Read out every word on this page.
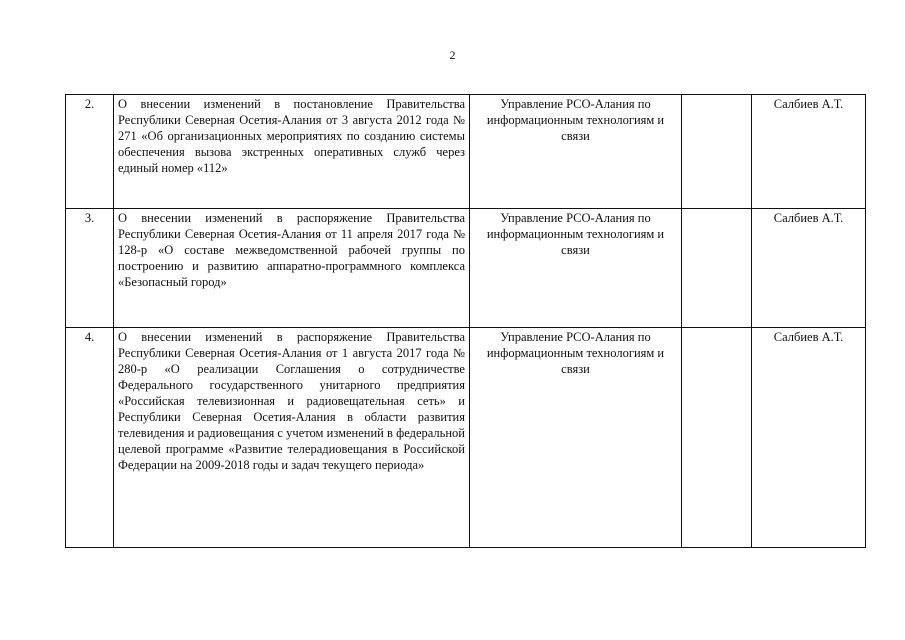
2
2.	О внесении изменений в постановление Правительства Республики Северная Осетия-Алания от 3 августа 2012 года № 271 «Об организационных мероприятиях по созданию системы обеспечения вызова экстренных оперативных служб через единый номер «112»	Управление РСО-Алания по информационным технологиям и связи		Салбиев А.Т.
3.	О внесении изменений в распоряжение Правительства Республики Северная Осетия-Алания от 11 апреля 2017 года № 128-р «О составе межведомственной рабочей группы по построению и развитию аппаратно-программного комплекса «Безопасный город»	Управление РСО-Алания по информационным технологиям и связи		Салбиев А.Т.
4.	О внесении изменений в распоряжение Правительства Республики Северная Осетия-Алания от 1 августа 2017 года № 280-р «О реализации Соглашения о сотрудничестве Федерального государственного унитарного предприятия «Российская телевизионная и радиовещательная сеть» и Республики Северная Осетия-Алания в области развития телевидения и радиовещания с учетом изменений в федеральной целевой программе «Развитие телерадиовещания в Российской Федерации на 2009-2018 годы и задач текущего периода»	Управление РСО-Алания по информационным технологиям и связи		Салбиев А.Т.
